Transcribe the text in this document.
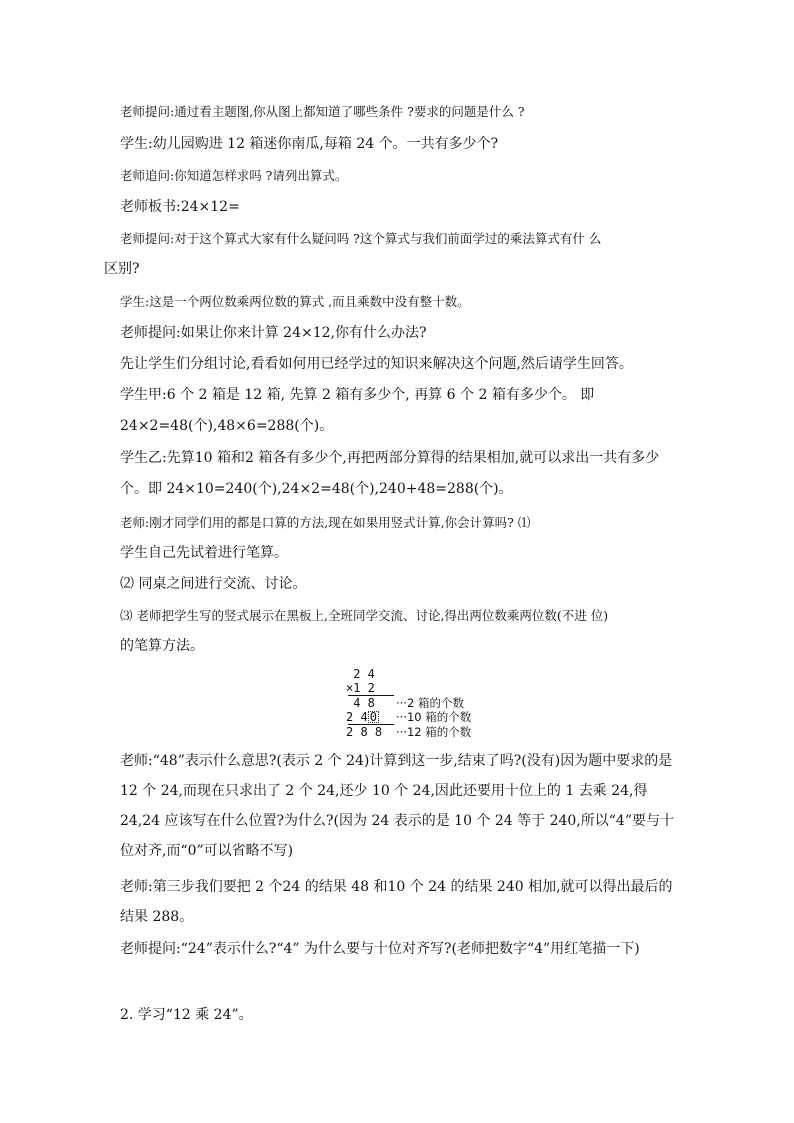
老师提问:通过看主题图,你从图上都知道了哪些条件 ?要求的问题是什么 ?

学生:幼儿园购进 12 箱迷你南瓜,每箱 24 个。一共有多少个?

老师追问:你知道怎样求吗 ?请列出算式。

老师板书:24×12=

老师提问:对于这个算式大家有什么疑问吗 ?这个算式与我们前面学过的乘法算式有什 么

区别?

学生:这是一个两位数乘两位数的算式 ,而且乘数中没有整十数。

老师提问:如果让你来计算 24×12,你有什么办法?

先让学生们分组讨论,看看如何用已经学过的知识来解决这个问题,然后请学生回答。

学生甲:6 个 2 箱是 12 箱, 先算 2 箱有多少个, 再算 6 个 2 箱有多少个。 即

24×2=48(个),48×6=288(个)。

学生乙:先算10 箱和2 箱各有多少个,再把两部分算得的结果相加,就可以求出一共有多少

个。即 24×10=240(个),24×2=48(个),240+48=288(个)。

老师:刚才同学们用的都是口算的方法,现在如果用竖式计算,你会计算吗? ⑴

学生自己先试着进行笔算。

⑵ 同桌之间进行交流、讨论。

⑶ 老师把学生写的竖式展示在黑板上,全班同学交流、讨论,得出两位数乘两位数(不进 位)

的笔算方法。

2 4
×1 2
4 8 ···2 箱的个数
2 4 0 ···10 箱的个数
2 8 8 ···12 箱的个数

老师:“48”表示什么意思?(表示 2 个 24)计算到这一步,结束了吗?(没有)因为题中要求的是 12 个 24,而现在只求出了 2 个 24,还少 10 个 24,因此还要用十位上的 1 去乘 24,得 24,24 应该写在什么位置?为什么?(因为 24 表示的是 10 个 24 等于 240,所以“4”要与十位对齐,而“0”可以省略不写)

老师:第三步我们要把 2 个24 的结果 48 和10 个 24 的结果 240 相加,就可以得出最后的结果 288。

老师提问:“24”表示什么?“4” 为什么要与十位对齐写?(老师把数字“4”用红笔描一下)

2. 学习“12 乘 24”。
